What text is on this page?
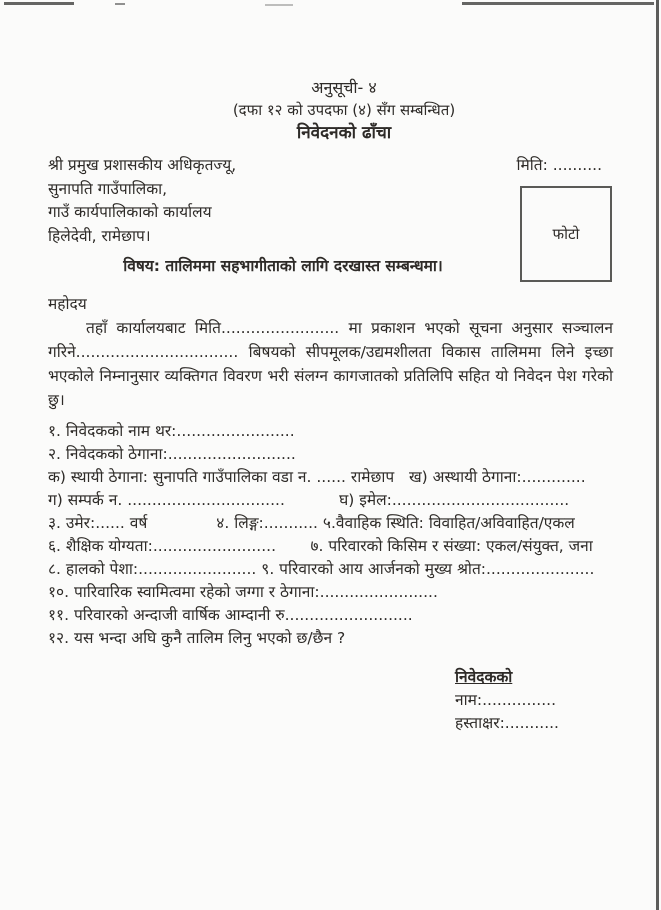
फोटो
अनुसूची- ४
(दफा १२ को उपदफा (४) सँग सम्बन्धित)
निवेदनको ढाँचा
मिति: ..........
श्री प्रमुख प्रशासकीय अधिकृतज्यू,
सुनापति गाउँपालिका,
गाउँ कार्यपालिकाको कार्यालय
हिलेदेवी, रामेछाप।
विषय: तालिममा सहभागीताको लागि दरखास्त सम्बन्धमा।
महोदय
तहाँ कार्यालयबाट मिति........................ मा प्रकाशन भएको सूचना अनुसार सञ्चालन गरिने................................. बिषयको सीपमूलक/उद्यमशीलता विकास तालिममा लिने इच्छा भएकोले निम्नानुसार व्यक्तिगत विवरण भरी संलग्न कागजातको प्रतिलिपि सहित यो निवेदन पेश गरेको छु।
१. निवेदकको नाम थर:........................
२. निवेदकको ठेगाना:..........................
क) स्थायी ठेगाना: सुनापति गाउँपालिका वडा न. ...... रामेछाप   ख) अस्थायी ठेगाना:.............
ग) सम्पर्क न. ................................           घ) इमेल:....................................
३. उमेर:...... वर्ष              ४. लिङ्ग:........... ५.वैवाहिक स्थिति: विवाहित/अविवाहित/एकल
६. शैक्षिक योग्यता:.........................       ७. परिवारको किसिम र संख्या: एकल/संयुक्त, जना
८. हालको पेशा:........................ ९. परिवारको आय आर्जनको मुख्य श्रोत:......................
१०. पारिवारिक स्वामित्वमा रहेको जग्गा र ठेगाना:........................
११. परिवारको अन्दाजी वार्षिक आम्दानी रु..........................
१२. यस भन्दा अघि कुनै तालिम लिनु भएको छ/छैन ?
निवेदकको
नाम:...............
हस्ताक्षर:...........
